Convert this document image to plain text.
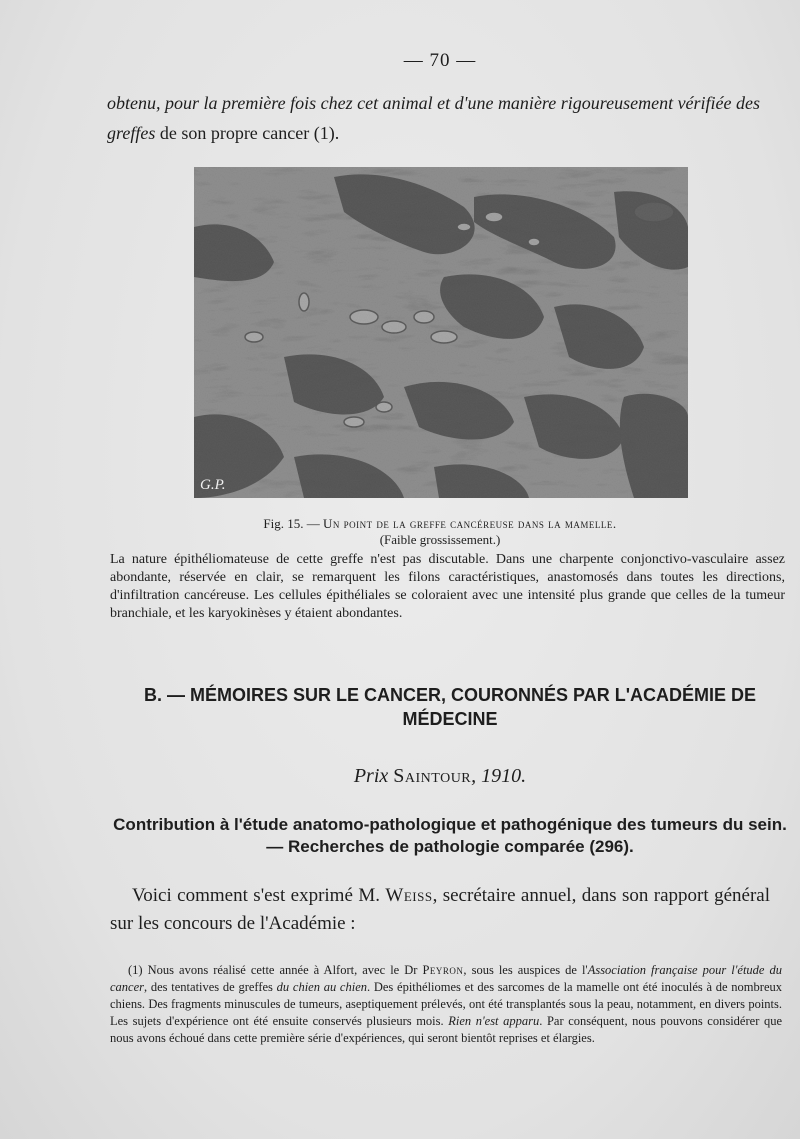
— 70 —
obtenu, pour la première fois chez cet animal et d'une manière rigoureusement vérifiée des greffes de son propre cancer (1).
G.P.
Fig. 15. — Un point de la greffe cancéreuse dans la mamelle.
(Faible grossissement.)
La nature épithéliomateuse de cette greffe n'est pas discutable. Dans une charpente conjonctivo-vasculaire assez abondante, réservée en clair, se remarquent les filons caractéristiques, anastomosés dans toutes les directions, d'infiltration cancéreuse. Les cellules épithéliales se coloraient avec une intensité plus grande que celles de la tumeur branchiale, et les karyokinèses y étaient abondantes.
B. — MÉMOIRES SUR LE CANCER, COURONNÉS PAR L'ACADÉMIE DE MÉDECINE
Prix Saintour, 1910.
Contribution à l'étude anatomo-pathologique et pathogénique des tumeurs du sein. — Recherches de pathologie comparée (296).
Voici comment s'est exprimé M. Weiss, secrétaire annuel, dans son rapport général sur les concours de l'Académie :
(1) Nous avons réalisé cette année à Alfort, avec le Dr Peyron, sous les auspices de l'Association française pour l'étude du cancer, des tentatives de greffes du chien au chien. Des épithéliomes et des sarcomes de la mamelle ont été inoculés à de nombreux chiens. Des fragments minuscules de tumeurs, aseptiquement prélevés, ont été transplantés sous la peau, notamment, en divers points. Les sujets d'expérience ont été ensuite conservés plusieurs mois. Rien n'est apparu. Par conséquent, nous pouvons considérer que nous avons échoué dans cette première série d'expériences, qui seront bientôt reprises et élargies.
